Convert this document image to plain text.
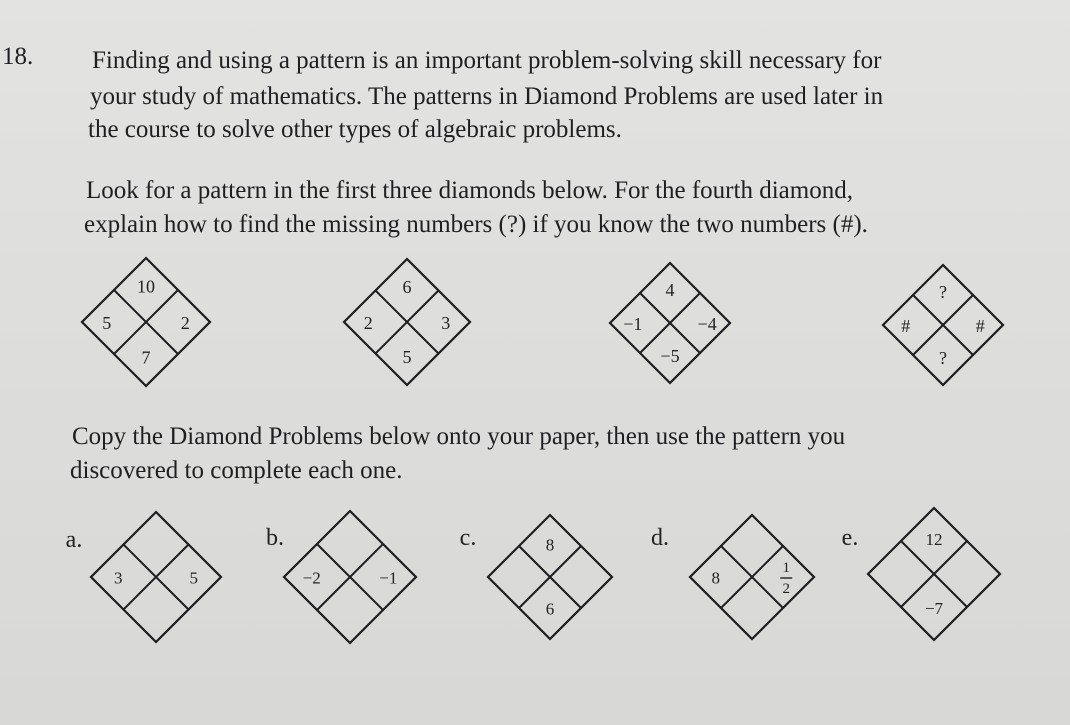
18. Finding and using a pattern is an important problem-solving skill necessary for
your study of mathematics. The patterns in Diamond Problems are used later in
the course to solve other types of algebraic problems.
Look for a pattern in the first three diamonds below. For the fourth diamond,
explain how to find the missing numbers (?) if you know the two numbers (#).
Copy the Diamond Problems below onto your paper, then use the pattern you
discovered to complete each one.
10
5	2
7
6
2	3
5
4
−1	−4
−5
?
#	#
?
a.
3	5
b.
−2	−1
c.	8
6
d.
8
1
2
e.	12
−7
